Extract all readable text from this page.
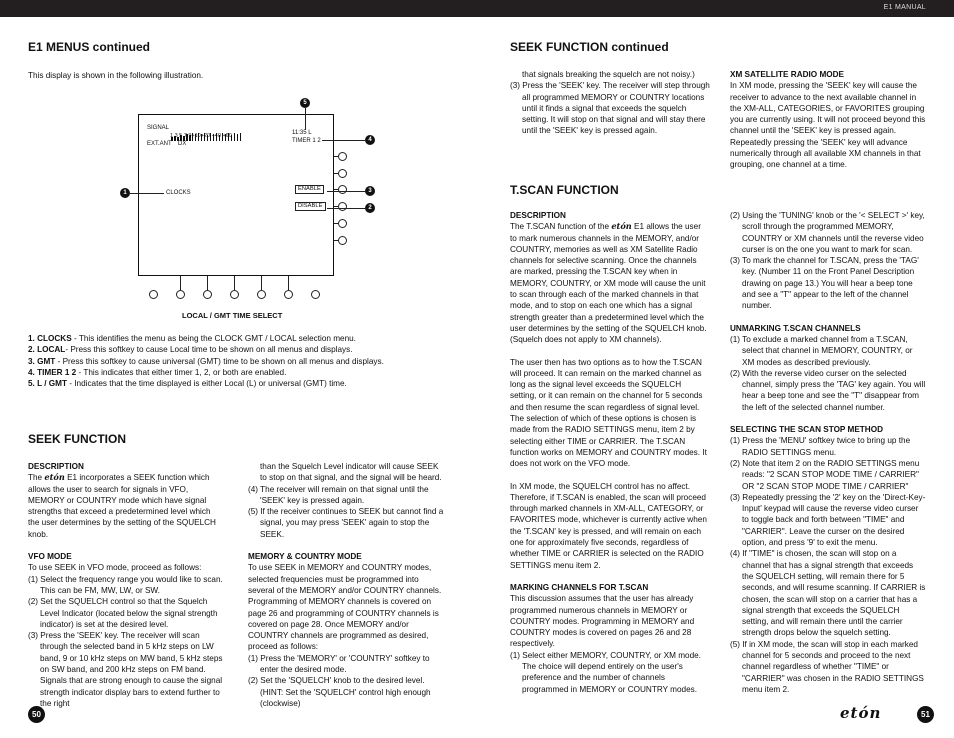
E1 MANUAL
E1 MENUS continued
This display is shown in the following illustration.
SIGNAL
1 3 5 7 9+10+20 +40 +60
EXT.ANT DX
11:35 L
TIMER 1 2
CLOCKS
ENABLE
DISABLE
1
2
3
4
5
LOCAL / GMT TIME SELECT
1. CLOCKS - This identifies the menu as being the CLOCK GMT / LOCAL selection menu.
2. LOCAL- Press this softkey to cause Local time to be shown on all menus and displays.
3. GMT - Press this softkey to cause universal (GMT) time to be shown on all menus and displays.
4. TIMER 1 2 - This indicates that either timer 1, 2, or both are enabled.
5. L / GMT - Indicates that the time displayed is either Local (L) or universal (GMT) time.
SEEK FUNCTION
DESCRIPTION
The etón E1 incorporates a SEEK function which allows the user to search for signals in VFO, MEMORY or COUNTRY mode which have signal strengths that exceed a predetermined level which the user determines by the setting of the SQUELCH knob.
VFO MODE
To use SEEK in VFO mode, proceed as follows:
(1) Select the frequency range you would like to scan. This can be FM, MW, LW, or SW.
(2) Set the SQUELCH control so that the Squelch Level Indicator (located below the signal strength indicator) is set at the desired level.
(3) Press the 'SEEK' key. The receiver will scan through the selected band in 5 kHz steps on LW band, 9 or 10 kHz steps on MW band, 5 kHz steps on SW band, and 200 kHz steps on FM band. Signals that are strong enough to cause the signal strength indicator display bars to extend further to the right
than the Squelch Level indicator will cause SEEK to stop on that signal, and the signal will be heard.
(4) The receiver will remain on that signal until the 'SEEK' key is pressed again.
(5) If the receiver continues to SEEK but cannot find a signal, you may press 'SEEK' again to stop the SEEK.
MEMORY & COUNTRY MODE
To use SEEK in MEMORY and COUNTRY modes, selected frequencies must be programmed into several of the MEMORY and/or COUNTRY channels. Programming of MEMORY channels is covered on page 26 and programming of COUNTRY channels is covered on page 28. Once MEMORY and/or COUNTRY channels are programmed as desired, proceed as follows:
(1) Press the 'MEMORY' or 'COUNTRY' softkey to enter the desired mode.
(2) Set the 'SQUELCH' knob to the desired level. (HINT: Set the 'SQUELCH' control high enough (clockwise)
50
SEEK FUNCTION continued
that signals breaking the squelch are not noisy.)
(3) Press the 'SEEK' key. The receiver will step through all programmed MEMORY or COUNTRY locations until it finds a signal that exceeds the squelch setting. It will stop on that signal and will stay there until the 'SEEK' key is pressed again.
XM SATELLITE RADIO MODE
In XM mode, pressing the 'SEEK' key will cause the receiver to advance to the next available channel in the XM-ALL, CATEGORIES, or FAVORITES grouping you are currently using. It will not proceed beyond this channel until the 'SEEK' key is pressed again. Repeatedly pressing the 'SEEK' key will advance numerically through all available XM channels in that grouping, one channel at a time.
T.SCAN FUNCTION
DESCRIPTION
The T.SCAN function of the etón E1 allows the user to mark numerous channels in the MEMORY, and/or COUNTRY, memories as well as XM Satellite Radio channels for selective scanning. Once the channels are marked, pressing the T.SCAN key when in MEMORY, COUNTRY, or XM mode will cause the unit to scan through each of the marked channels in that mode, and to stop on each one which has a signal strength greater than a predetermined level which the user determines by the setting of the SQUELCH knob. (Squelch does not apply to XM channels).
The user then has two options as to how the T.SCAN will proceed. It can remain on the marked channel as long as the signal level exceeds the SQUELCH setting, or it can remain on the channel for 5 seconds and then resume the scan regardless of signal level. The selection of which of these options is chosen is made from the RADIO SETTINGS menu, item 2 by selecting either TIME or CARRIER. The T.SCAN function works on MEMORY and COUNTRY modes. It does not work on the VFO mode.
In XM mode, the SQUELCH control has no affect. Therefore, if T.SCAN is enabled, the scan will proceed through marked channels in XM-ALL, CATEGORY, or FAVORITES mode, whichever is currently active when the 'T.SCAN' key is pressed, and will remain on each one for approximately five seconds, regardless of whether TIME or CARRIER is selected on the RADIO SETTINGS menu item 2.
MARKING CHANNELS FOR T.SCAN
This discussion assumes that the user has already programmed numerous channels in MEMORY or COUNTRY modes. Programming in MEMORY and COUNTRY modes is covered on pages 26 and 28 respectively.
(1) Select either MEMORY, COUNTRY, or XM mode. The choice will depend entirely on the user's preference and the number of channels programmed in MEMORY or COUNTRY modes.
(2) Using the 'TUNING' knob or the '< SELECT >' key, scroll through the programmed MEMORY, COUNTRY or XM channels until the reverse video curser is on the one you want to mark for scan.
(3) To mark the channel for T.SCAN, press the 'TAG' key. (Number 11 on the Front Panel Description drawing on page 13.) You will hear a beep tone and see a "T" appear to the left of the channel number.
UNMARKING T.SCAN CHANNELS
(1) To exclude a marked channel from a T.SCAN, select that channel in MEMORY, COUNTRY, or XM modes as described previously.
(2) With the reverse video curser on the selected channel, simply press the 'TAG' key again. You will hear a beep tone and see the "T" disappear from the left of the selected channel number.
SELECTING THE SCAN STOP METHOD
(1) Press the 'MENU' softkey twice to bring up the RADIO SETTINGS menu.
(2) Note that item 2 on the RADIO SETTINGS menu reads: "2 SCAN STOP MODE TIME / CARRIER" OR "2 SCAN STOP MODE TIME / CARRIER"
(3) Repeatedly pressing the '2' key on the 'Direct-Key-Input' keypad will cause the reverse video curser to toggle back and forth between "TIME" and "CARRIER". Leave the curser on the desired option, and press '9' to exit the menu.
(4) If "TIME" is chosen, the scan will stop on a channel that has a signal strength that exceeds the SQUELCH setting, will remain there for 5 seconds, and will resume scanning. If CARRIER is chosen, the scan will stop on a carrier that has a signal strength that exceeds the SQUELCH setting, and will remain there until the carrier strength drops below the squelch setting.
(5) If in XM mode, the scan will stop in each marked channel for 5 seconds and proceed to the next channel regardless of whether "TIME" or "CARRIER" was chosen in the RADIO SETTINGS menu item 2.
etón	51
